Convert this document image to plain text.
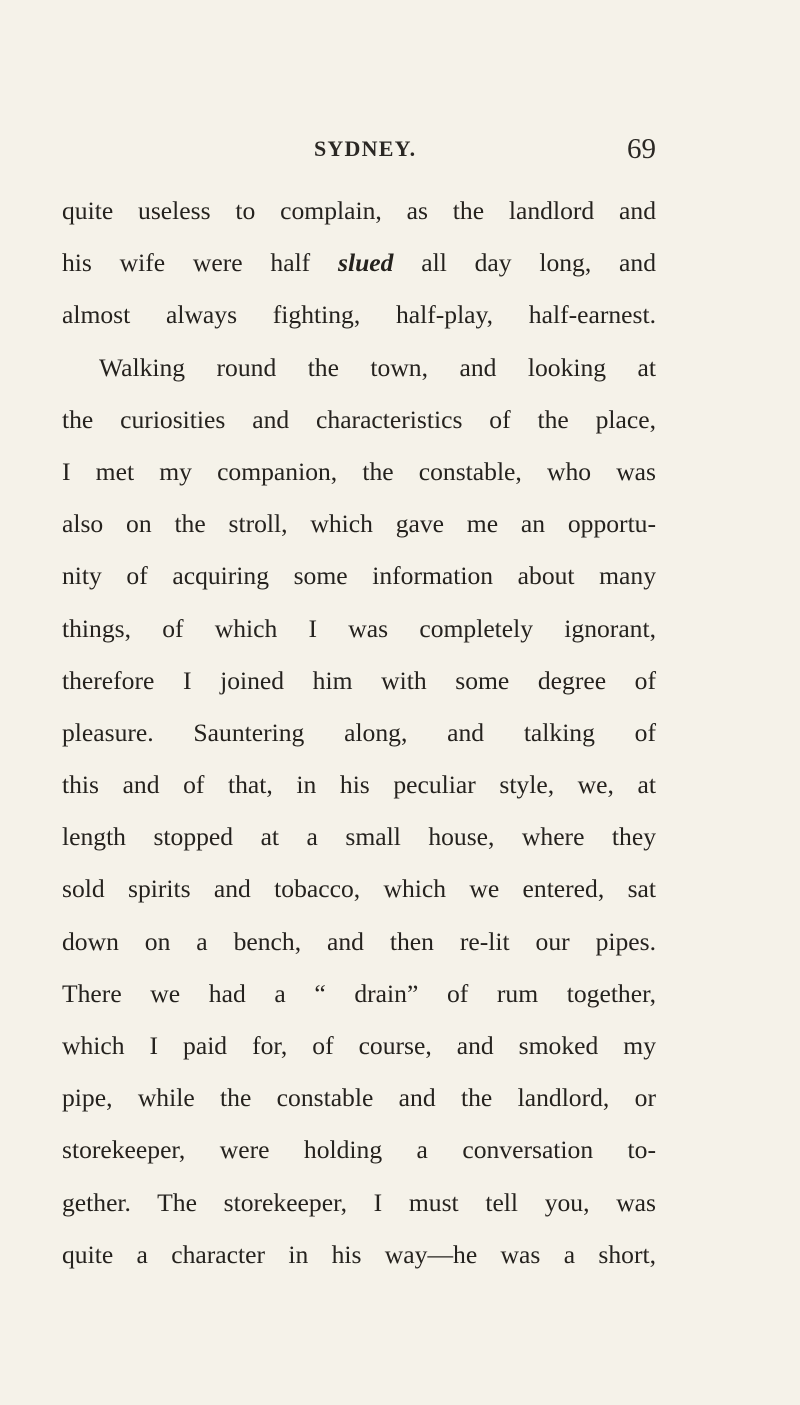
SYDNEY.	69
quite useless to complain, as the landlord and
his wife were half slued all day long, and
almost always fighting, half-play, half-earnest.
Walking round the town, and looking at
the curiosities and characteristics of the place,
I met my companion, the constable, who was
also on the stroll, which gave me an opportu-
nity of acquiring some information about many
things, of which I was completely ignorant,
therefore I joined him with some degree of
pleasure. Sauntering along, and talking of
this and of that, in his peculiar style, we, at
length stopped at a small house, where they
sold spirits and tobacco, which we entered, sat
down on a bench, and then re-lit our pipes.
There we had a “ drain” of rum together,
which I paid for, of course, and smoked my
pipe, while the constable and the landlord, or
storekeeper, were holding a conversation to-
gether. The storekeeper, I must tell you, was
quite a character in his way—he was a short,
